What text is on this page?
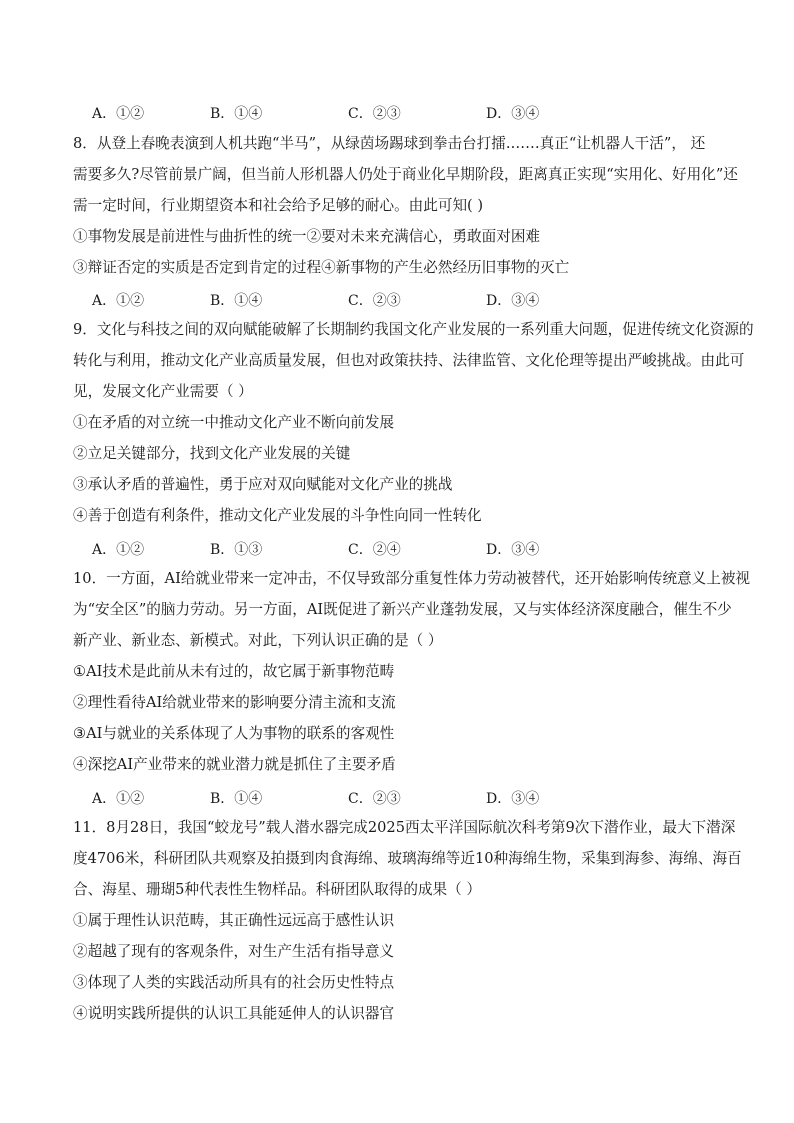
A．①②	B．①④	C．②③	D．③④
8．从登上春晚表演到人机共跑“半马”，从绿茵场踢球到拳击台打擂.……真正“让机器人干活”， 还
需要多久?尽管前景广阔，但当前人形机器人仍处于商业化早期阶段，距离真正实现“实用化、好用化”还
需一定时间，行业期望资本和社会给予足够的耐心。由此可知( )
①事物发展是前进性与曲折性的统一②要对未来充满信心，勇敢面对困难
③辩证否定的实质是否定到肯定的过程④新事物的产生必然经历旧事物的灭亡
A．①②	B．①④	C．②③	D．③④
9．文化与科技之间的双向赋能破解了长期制约我国文化产业发展的一系列重大问题，促进传统文化资源的
转化与利用，推动文化产业高质量发展，但也对政策扶持、法律监管、文化伦理等提出严峻挑战。由此可
见，发展文化产业需要（ ）
①在矛盾的对立统一中推动文化产业不断向前发展
②立足关键部分，找到文化产业发展的关键
③承认矛盾的普遍性，勇于应对双向赋能对文化产业的挑战
④善于创造有利条件，推动文化产业发展的斗争性向同一性转化
A．①②	B．①③	C．②④	D．③④
10．一方面，AI给就业带来一定冲击，不仅导致部分重复性体力劳动被替代，还开始影响传统意义上被视
为“安全区”的脑力劳动。另一方面，AI既促进了新兴产业蓬勃发展，又与实体经济深度融合，催生不少
新产业、新业态、新模式。对此，下列认识正确的是（ ）
①AI技术是此前从未有过的，故它属于新事物范畴
②理性看待AI给就业带来的影响要分清主流和支流
③AI与就业的关系体现了人为事物的联系的客观性
④深挖AI产业带来的就业潜力就是抓住了主要矛盾
A．①②	B．①④	C．②③	D．③④
11．8月28日，我国“蛟龙号”载人潜水器完成2025西太平洋国际航次科考第9次下潜作业，最大下潜深
度4706米，科研团队共观察及拍摄到肉食海绵、玻璃海绵等近10种海绵生物，采集到海参、海绵、海百
合、海星、珊瑚5种代表性生物样品。科研团队取得的成果（ ）
①属于理性认识范畴，其正确性远远高于感性认识
②超越了现有的客观条件，对生产生活有指导意义
③体现了人类的实践活动所具有的社会历史性特点
④说明实践所提供的认识工具能延伸人的认识器官
